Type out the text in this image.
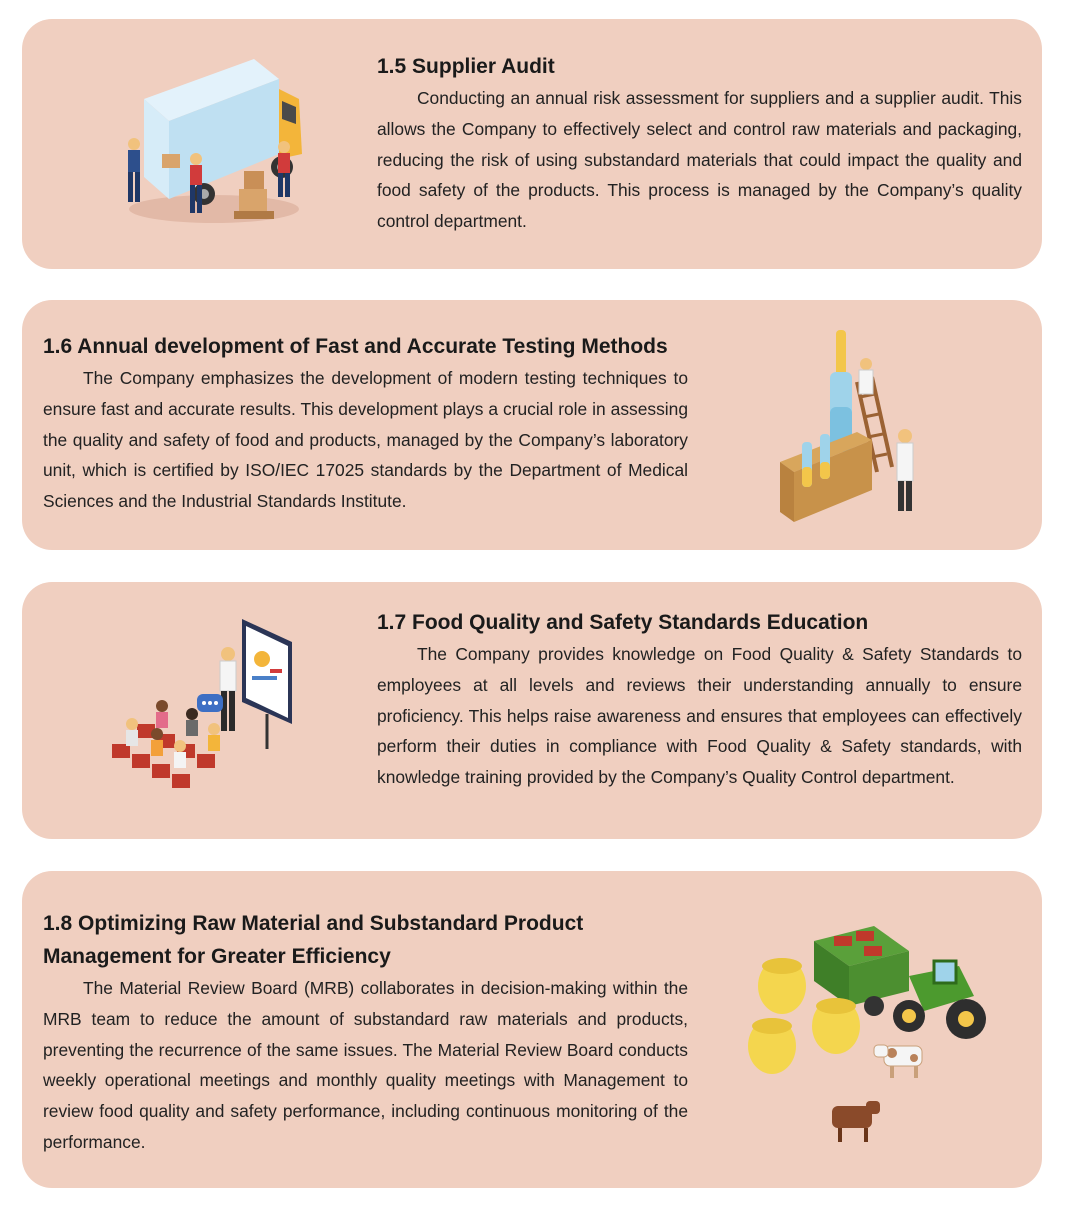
1.5 Supplier Audit

Conducting an annual risk assessment for suppliers and a supplier audit. This allows the Company to effectively select and control raw materials and packaging, reducing the risk of using substandard materials that could impact the quality and food safety of the products. This process is managed by the Company’s quality control department.

1.6 Annual development of Fast and Accurate Testing Methods

The Company emphasizes the development of modern testing techniques to ensure fast and accurate results. This development plays a crucial role in assessing the quality and safety of food and products, managed by the Company’s laboratory unit, which is certified by ISO/IEC 17025 standards by the Department of Medical Sciences and the Industrial Standards Institute.

1.7 Food Quality and Safety Standards Education

The Company provides knowledge on Food Quality & Safety Standards to employees at all levels and reviews their understanding annually to ensure proficiency. This helps raise awareness and ensures that employees can effectively perform their duties in compliance with Food Quality & Safety standards, with knowledge training provided by the Company’s Quality Control department.

1.8 Optimizing Raw Material and Substandard Product Management for Greater Efficiency

The Material Review Board (MRB) collaborates in decision-making within the MRB team to reduce the amount of substandard raw materials and products, preventing the recurrence of the same issues. The Material Review Board conducts weekly operational meetings and monthly quality meetings with Management to review food quality and safety performance, including continuous monitoring of the performance.
